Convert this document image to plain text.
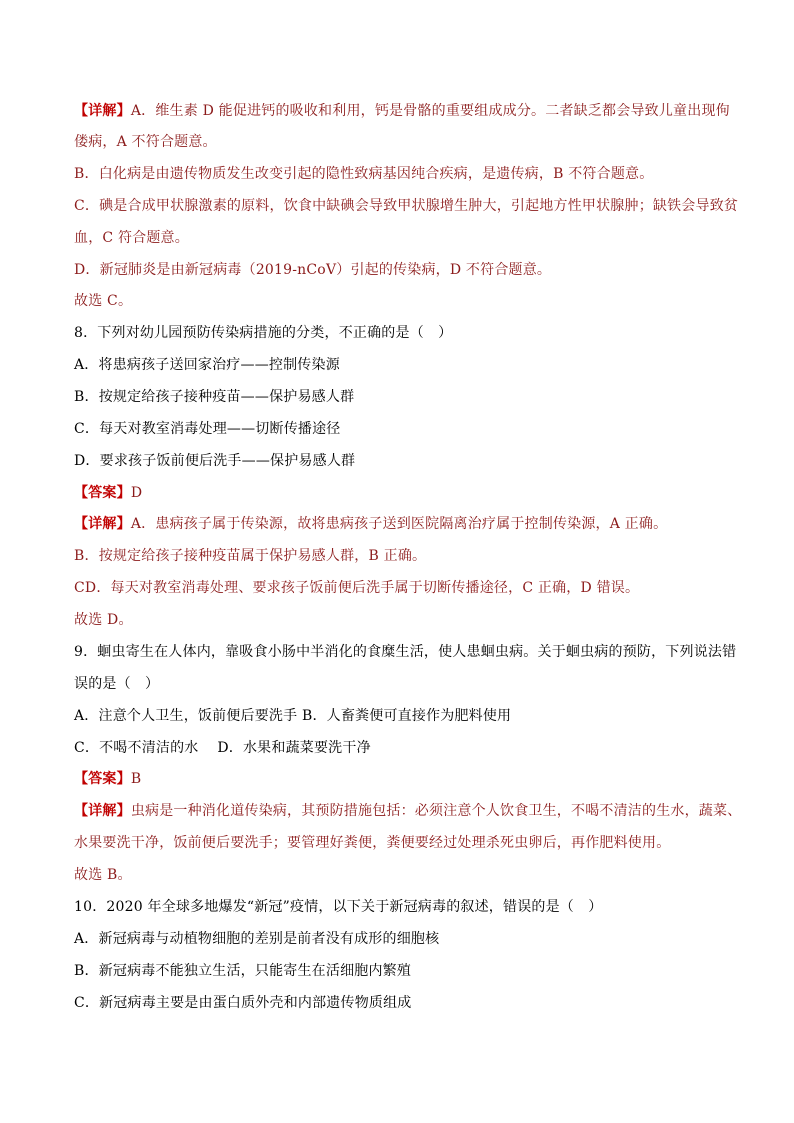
【详解】A．维生素 D 能促进钙的吸收和利用，钙是骨骼的重要组成成分。二者缺乏都会导致儿童出现佝
偻病，A 不符合题意。
B．白化病是由遗传物质发生改变引起的隐性致病基因纯合疾病，是遗传病，B 不符合题意。
C．碘是合成甲状腺激素的原料，饮食中缺碘会导致甲状腺增生肿大，引起地方性甲状腺肿；缺铁会导致贫
血，C 符合题意。
D．新冠肺炎是由新冠病毒（2019-nCoV）引起的传染病，D 不符合题意。
故选 C。
8．下列对幼儿园预防传染病措施的分类，不正确的是（　）
A．将患病孩子送回家治疗——控制传染源
B．按规定给孩子接种疫苗——保护易感人群
C．每天对教室消毒处理——切断传播途径
D．要求孩子饭前便后洗手——保护易感人群
【答案】D
【详解】A．患病孩子属于传染源，故将患病孩子送到医院隔离治疗属于控制传染源，A 正确。
B．按规定给孩子接种疫苗属于保护易感人群，B 正确。
CD．每天对教室消毒处理、要求孩子饭前便后洗手属于切断传播途径，C 正确，D 错误。
故选 D。
9．蛔虫寄生在人体内，靠吸食小肠中半消化的食糜生活，使人患蛔虫病。关于蛔虫病的预防，下列说法错
误的是（　）
A．注意个人卫生，饭前便后要洗手 B．人畜粪便可直接作为肥料使用
C．不喝不清洁的水　 D．水果和蔬菜要洗干净
【答案】B
【详解】虫病是一种消化道传染病，其预防措施包括：必须注意个人饮食卫生，不喝不清洁的生水，蔬菜、
水果要洗干净，饭前便后要洗手；要管理好粪便，粪便要经过处理杀死虫卵后，再作肥料使用。
故选 B。
10．2020 年全球多地爆发“新冠”疫情，以下关于新冠病毒的叙述，错误的是（　）
A．新冠病毒与动植物细胞的差别是前者没有成形的细胞核
B．新冠病毒不能独立生活，只能寄生在活细胞内繁殖
C．新冠病毒主要是由蛋白质外壳和内部遗传物质组成
